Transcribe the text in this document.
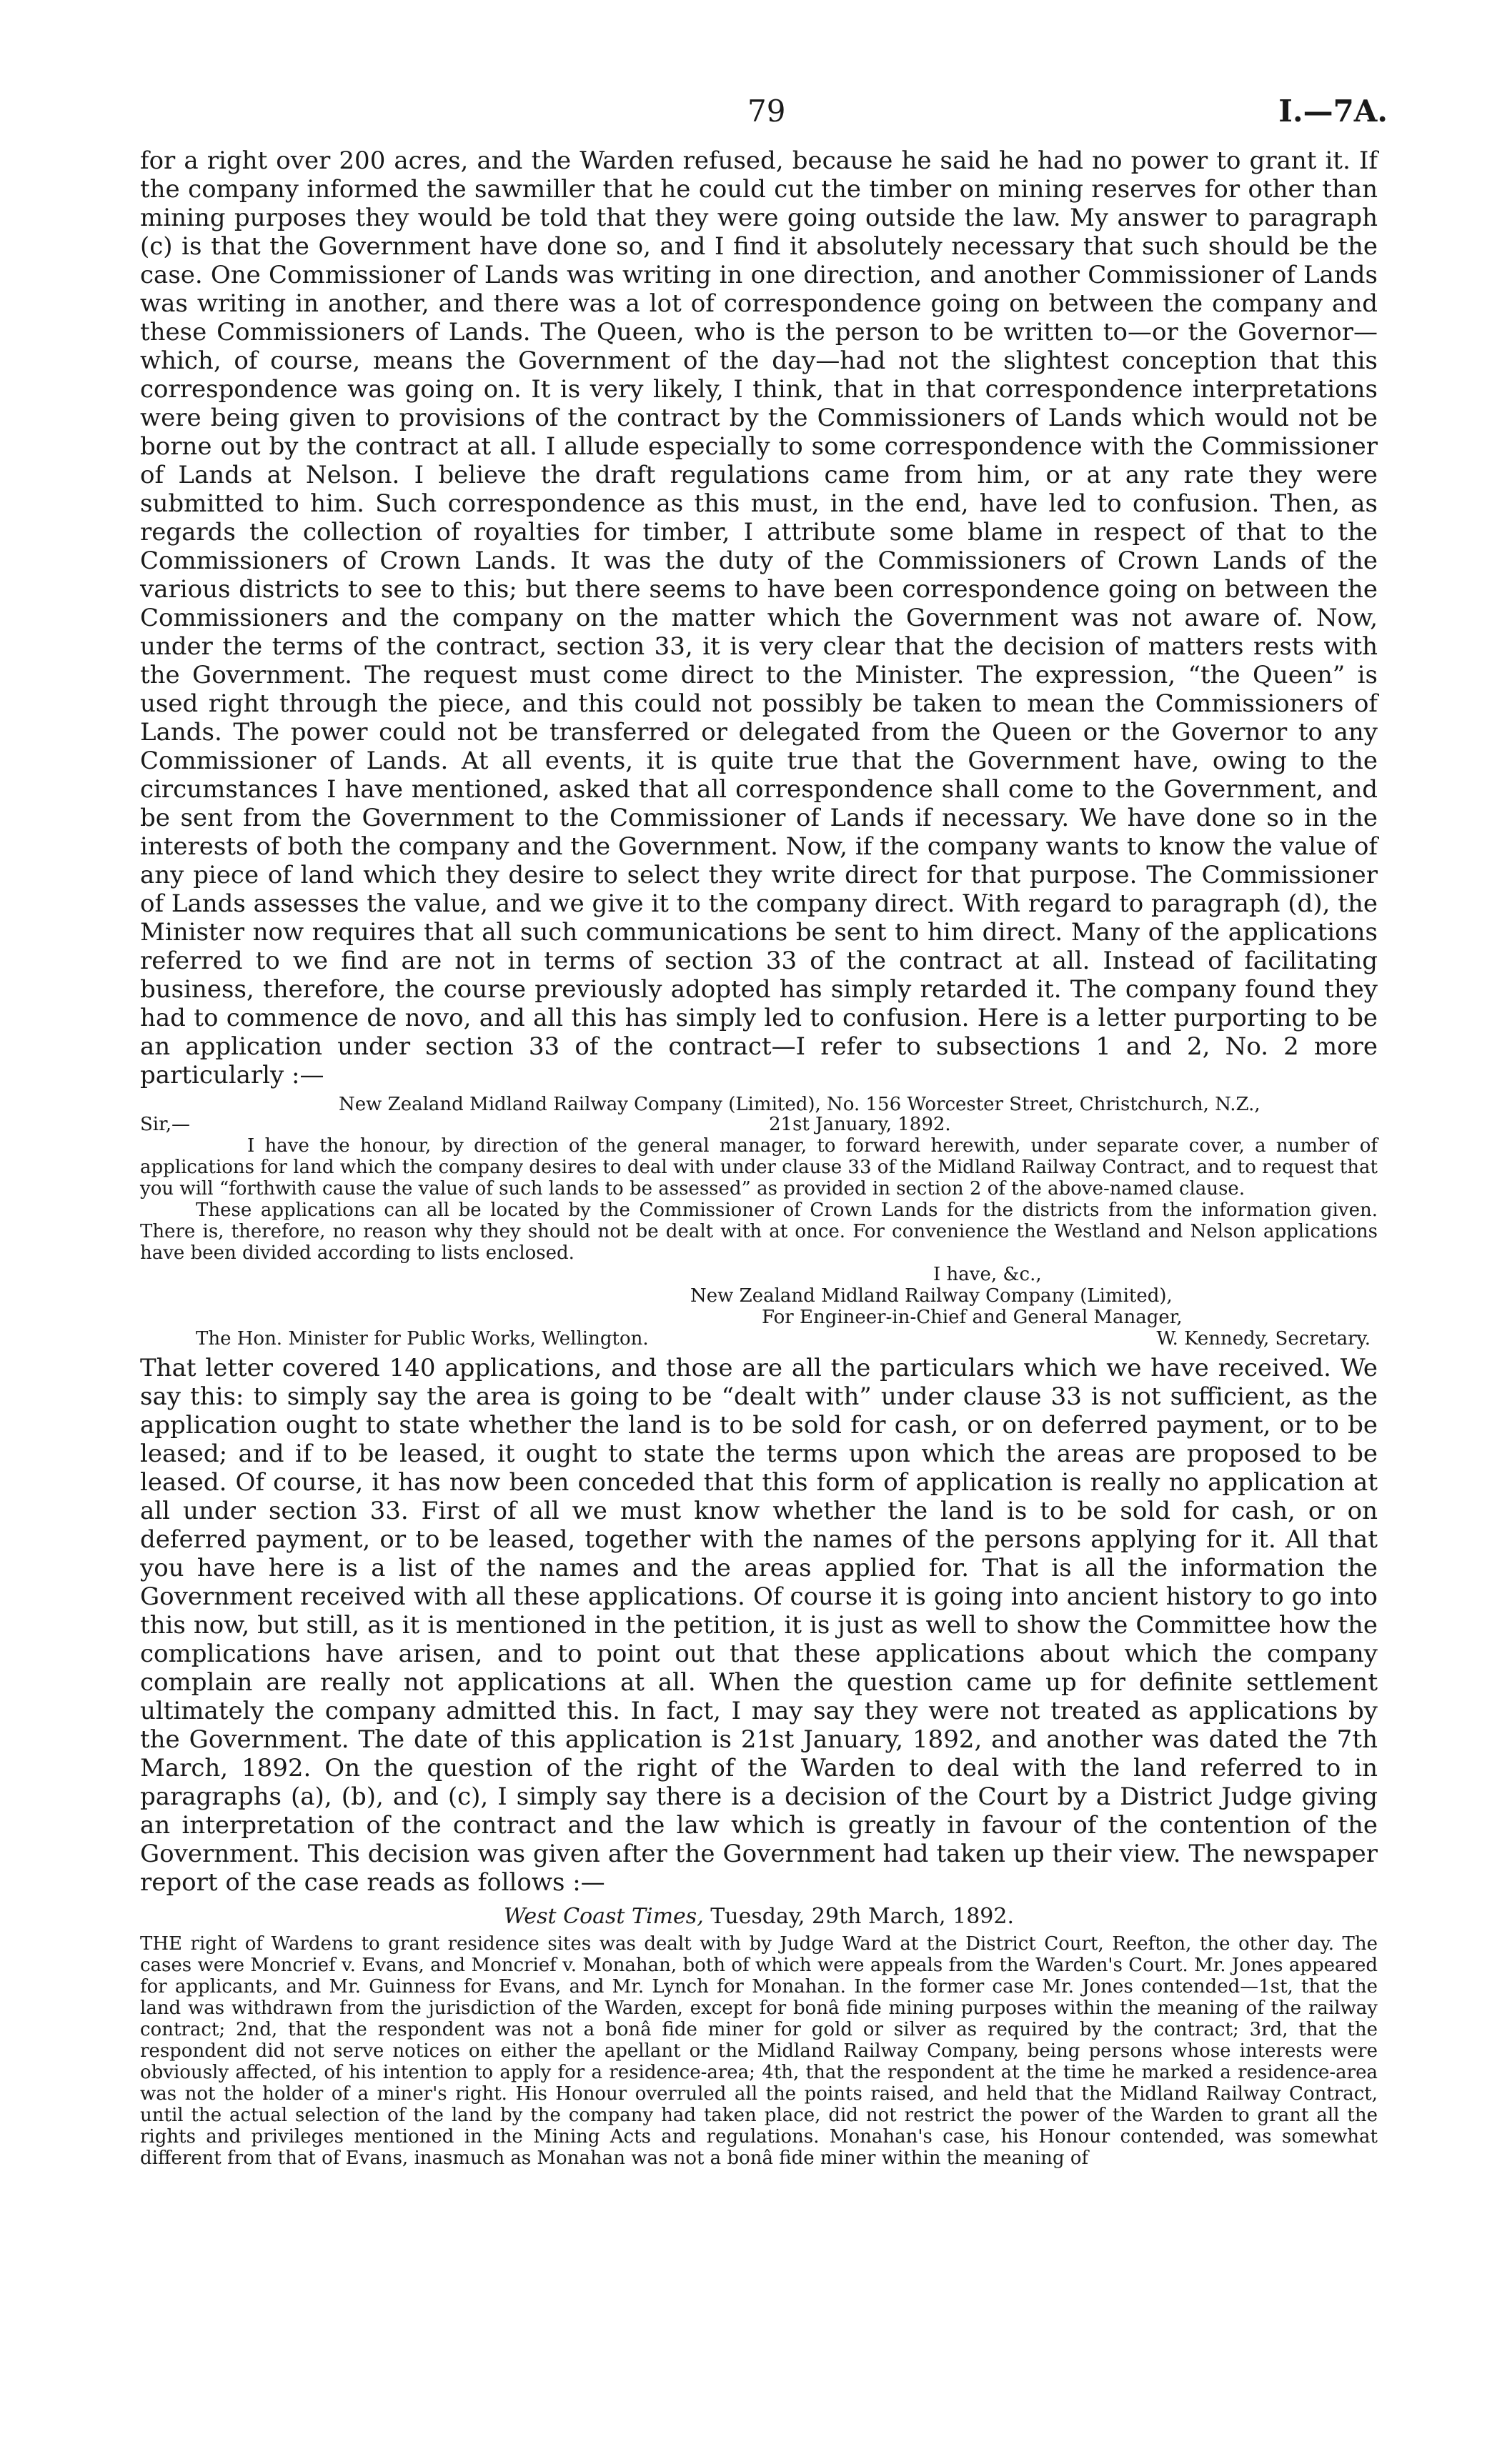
79	I.—7A.

for a right over 200 acres, and the Warden refused, because he said he had no power to grant it. If the company informed the sawmiller that he could cut the timber on mining reserves for other than mining purposes they would be told that they were going outside the law. My answer to paragraph (c) is that the Government have done so, and I find it absolutely necessary that such should be the case. One Commissioner of Lands was writing in one direction, and another Commissioner of Lands was writing in another, and there was a lot of correspondence going on between the company and these Commissioners of Lands. The Queen, who is the person to be written to—or the Governor—which, of course, means the Government of the day—had not the slightest conception that this correspondence was going on. It is very likely, I think, that in that correspondence interpretations were being given to provisions of the contract by the Commissioners of Lands which would not be borne out by the contract at all. I allude especially to some correspondence with the Commissioner of Lands at Nelson. I believe the draft regulations came from him, or at any rate they were submitted to him. Such correspondence as this must, in the end, have led to confusion. Then, as regards the collection of royalties for timber, I attribute some blame in respect of that to the Commissioners of Crown Lands. It was the duty of the Commissioners of Crown Lands of the various districts to see to this; but there seems to have been correspondence going on between the Commissioners and the company on the matter which the Government was not aware of. Now, under the terms of the contract, section 33, it is very clear that the decision of matters rests with the Government. The request must come direct to the Minister. The expression, “the Queen” is used right through the piece, and this could not possibly be taken to mean the Commissioners of Lands. The power could not be transferred or delegated from the Queen or the Governor to any Commissioner of Lands. At all events, it is quite true that the Government have, owing to the circumstances I have mentioned, asked that all correspondence shall come to the Government, and be sent from the Government to the Commissioner of Lands if necessary. We have done so in the interests of both the company and the Government. Now, if the company wants to know the value of any piece of land which they desire to select they write direct for that purpose. The Commissioner of Lands assesses the value, and we give it to the company direct. With regard to paragraph (d), the Minister now requires that all such communications be sent to him direct. Many of the applications referred to we find are not in terms of section 33 of the contract at all. Instead of facilitating business, therefore, the course previously adopted has simply retarded it. The company found they had to commence de novo, and all this has simply led to confusion. Here is a letter purporting to be an application under section 33 of the contract—I refer to subsections 1 and 2, No. 2 more particularly :—

New Zealand Midland Railway Company (Limited), No. 156 Worcester Street, Christchurch, N.Z.,

Sir,—	21st January, 1892.

I have the honour, by direction of the general manager, to forward herewith, under separate cover, a number of applications for land which the company desires to deal with under clause 33 of the Midland Railway Contract, and to request that you will “forthwith cause the value of such lands to be assessed” as provided in section 2 of the above-named clause.

These applications can all be located by the Commissioner of Crown Lands for the districts from the information given. There is, therefore, no reason why they should not be dealt with at once. For convenience the Westland and Nelson applications have been divided according to lists enclosed.

I have, &c.,

New Zealand Midland Railway Company (Limited),

For Engineer-in-Chief and General Manager,

The Hon. Minister for Public Works, Wellington.	W. Kennedy, Secretary.

That letter covered 140 applications, and those are all the particulars which we have received. We say this: to simply say the area is going to be “dealt with” under clause 33 is not sufficient, as the application ought to state whether the land is to be sold for cash, or on deferred payment, or to be leased; and if to be leased, it ought to state the terms upon which the areas are proposed to be leased. Of course, it has now been conceded that this form of application is really no application at all under section 33. First of all we must know whether the land is to be sold for cash, or on deferred payment, or to be leased, together with the names of the persons applying for it. All that you have here is a list of the names and the areas applied for. That is all the information the Government received with all these applications. Of course it is going into ancient history to go into this now, but still, as it is mentioned in the petition, it is just as well to show the Committee how the complications have arisen, and to point out that these applications about which the company complain are really not applications at all. When the question came up for definite settlement ultimately the company admitted this. In fact, I may say they were not treated as applications by the Government. The date of this application is 21st January, 1892, and another was dated the 7th March, 1892. On the question of the right of the Warden to deal with the land referred to in paragraphs (a), (b), and (c), I simply say there is a decision of the Court by a District Judge giving an interpretation of the contract and the law which is greatly in favour of the contention of the Government. This decision was given after the Government had taken up their view. The newspaper report of the case reads as follows :—

West Coast Times, Tuesday, 29th March, 1892.

THE right of Wardens to grant residence sites was dealt with by Judge Ward at the District Court, Reefton, the other day. The cases were Moncrief v. Evans, and Moncrief v. Monahan, both of which were appeals from the Warden's Court. Mr. Jones appeared for applicants, and Mr. Guinness for Evans, and Mr. Lynch for Monahan. In the former case Mr. Jones contended—1st, that the land was withdrawn from the jurisdiction of the Warden, except for bonâ fide mining purposes within the meaning of the railway contract; 2nd, that the respondent was not a bonâ fide miner for gold or silver as required by the contract; 3rd, that the respondent did not serve notices on either the apellant or the Midland Railway Company, being persons whose interests were obviously affected, of his intention to apply for a residence-area; 4th, that the respondent at the time he marked a residence-area was not the holder of a miner's right. His Honour overruled all the points raised, and held that the Midland Railway Contract, until the actual selection of the land by the company had taken place, did not restrict the power of the Warden to grant all the rights and privileges mentioned in the Mining Acts and regulations. Monahan's case, his Honour contended, was somewhat different from that of Evans, inasmuch as Monahan was not a bonâ fide miner within the meaning of
